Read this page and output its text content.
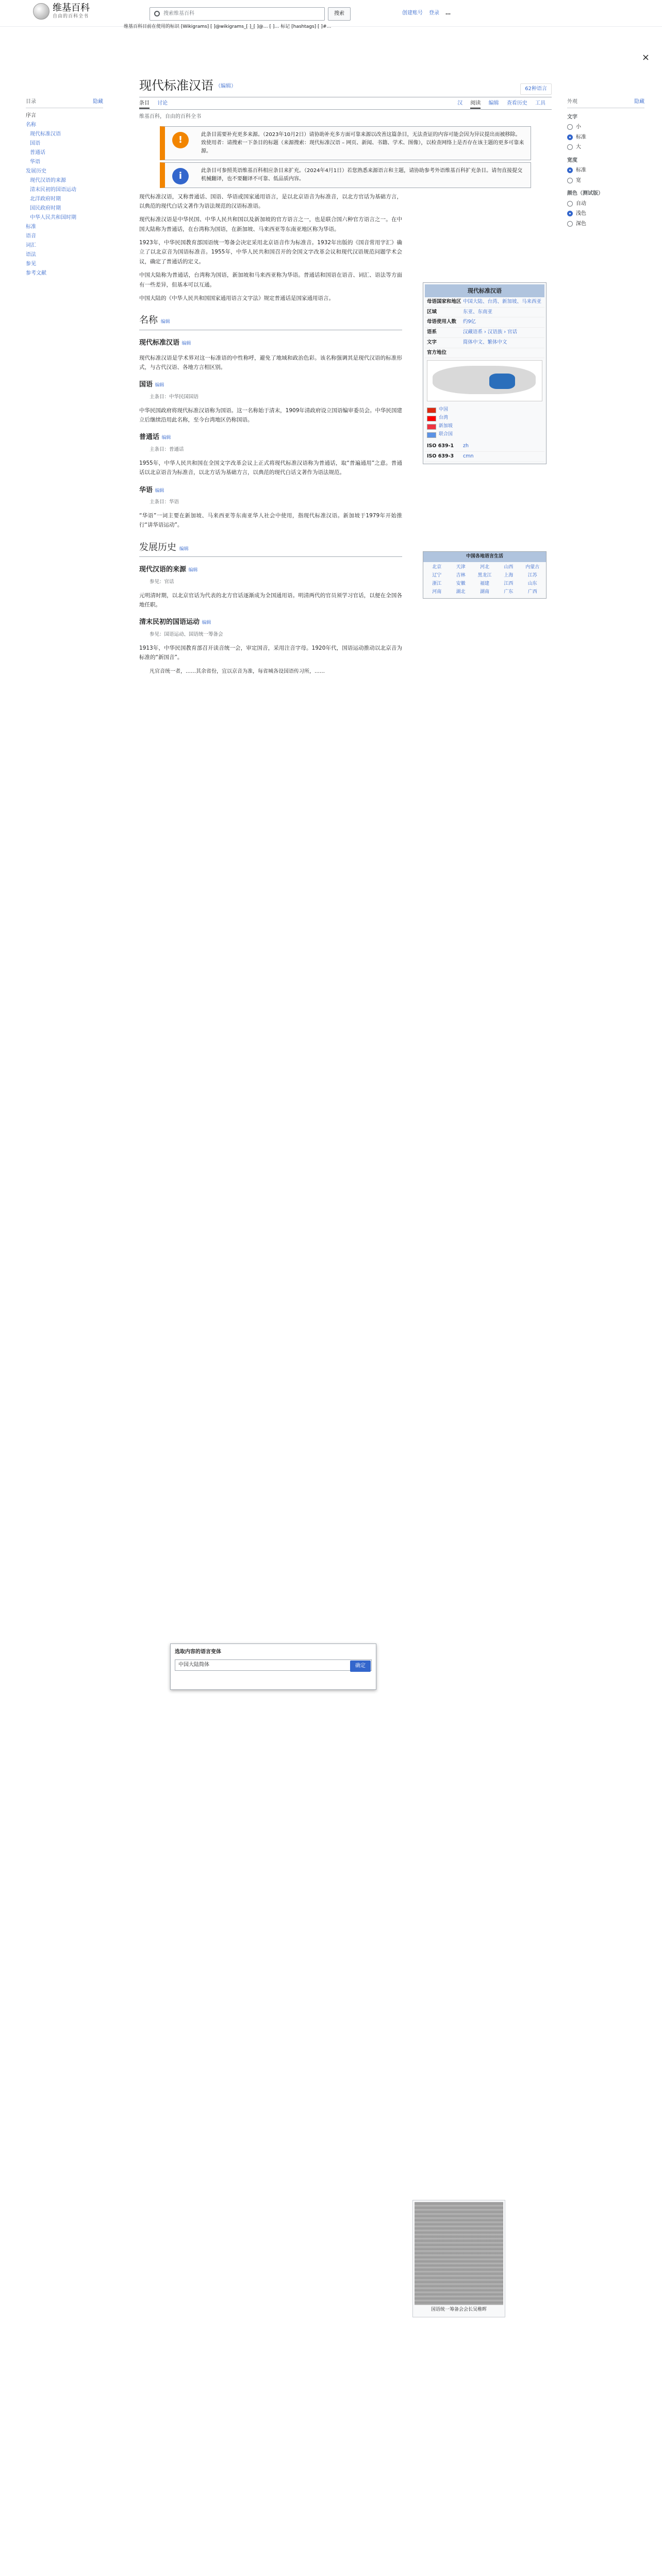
维基百科
自由的百科全书	搜索维基百科	搜索	创建账号 登录 …
维基百科目前在使用的标识 [Wikigrams] [ ]@wikigrams_[ ]_[ ]@… [ ]… 标记 [hashtags] [ ]#…
×
目录	隐藏
序言
名称
现代标准汉语
国语
普通话
华语
发展历史
现代汉语的来源
清末民初的国语运动
北洋政府时期
国民政府时期
中华人民共和国时期
标准
语音
词汇
语法
参见
参考文献
现代标准汉语 （编辑）	62种语言
条目 讨论	汉 阅读 编辑 查看历史 工具
维基百科，自由的百科全书
!	此条目需要补充更多来源。（2023年10月2日）请协助补充多方面可靠来源以改善这篇条目，无法查证的内容可能会因为异议提出而被移除。致使用者：请搜索一下条目的标题（来源搜索：现代标准汉语 – 网页、新闻、书籍、学术、图像），以检查网络上是否存在该主题的更多可靠来源。
i	此条目可参照英语维基百科相应条目来扩充。（2024年4月1日）若您熟悉来源语言和主题，请协助参考外语维基百科扩充条目。请勿直接提交机械翻译，也不要翻译不可靠、低品质内容。

现代标准汉语，又称普通话、国语、华语或国家通用语言，是以北京语音为标准音，以北方官话为基础方言，以典范的现代白话文著作为语法规范的汉语标准语。

现代标准汉语是中华民国、中华人民共和国以及新加坡的官方语言之一，也是联合国六种官方语言之一。在中国大陆称为普通话，在台湾称为国语，在新加坡、马来西亚等东南亚地区称为华语。

1923年，中华民国教育部国语统一筹备会决定采用北京语音作为标准音。1932年出版的《国音常用字汇》确立了以北京音为国语标准音。1955年，中华人民共和国召开的全国文字改革会议和现代汉语规范问题学术会议，确定了普通话的定义。

中国大陆称为普通话，台湾称为国语，新加坡和马来西亚称为华语。普通话和国语在语音、词汇、语法等方面有一些差异，但基本可以互通。

中国大陆的《中华人民共和国国家通用语言文字法》规定普通话是国家通用语言。

名称 编辑
现代标准汉语 编辑

现代标准汉语是学术界对这一标准语的中性称呼，避免了地域和政治色彩。该名称强调其是现代汉语的标准形式，与古代汉语、各地方言相区别。

国语 编辑
主条目：中华民国国语

中华民国政府将现代标准汉语称为国语。这一名称始于清末，1909年清政府设立国语编审委员会。中华民国建立后继续沿用此名称，至今台湾地区仍称国语。

普通话 编辑
主条目：普通话

1955年，中华人民共和国在全国文字改革会议上正式将现代标准汉语称为普通话，取“普遍通用”之意。普通话以北京语音为标准音，以北方话为基础方言，以典范的现代白话文著作为语法规范。

华语 编辑
主条目：华语

“华语”一词主要在新加坡、马来西亚等东南亚华人社会中使用，指现代标准汉语。新加坡于1979年开始推行“讲华语运动”。

发展历史 编辑
现代汉语的来源 编辑
参见：官话

元明清时期，以北京官话为代表的北方官话逐渐成为全国通用语。明清两代的官员须学习官话，以便在全国各地任职。

清末民初的国语运动 编辑
参见：国语运动、国语统一筹备会

1913年，中华民国教育部召开读音统一会，审定国音，采用注音字母。1920年代，国语运动推动以北京音为标准的“新国音”。

凡官音统一者，……其余省份，宜以京音为准，每省城各设国语传习所，……
现代标准汉语
母语国家和地区 中国大陆、台湾、新加坡、马来西亚
区域	东亚、东南亚
母语使用人数	约9亿
语系	汉藏语系 › 汉语族 › 官话
文字	简体中文、繁体中文
官方地位
中国
台湾
新加坡
联合国
ISO 639-1	zh
ISO 639-3	cmn
中国各地语言生活
北京	天津	河北	山西	内蒙古
辽宁	吉林	黑龙江	上海	江苏
浙江	安徽	福建	江西	山东
河南	湖北	湖南	广东	广西
外观	隐藏
文字
小
标准
大
宽度
标准
宽
颜色（测试版）
自动
浅色
深色
选取内容的语言变体
中国大陆简体	确定
国语统一筹备会会长吴稚晖
